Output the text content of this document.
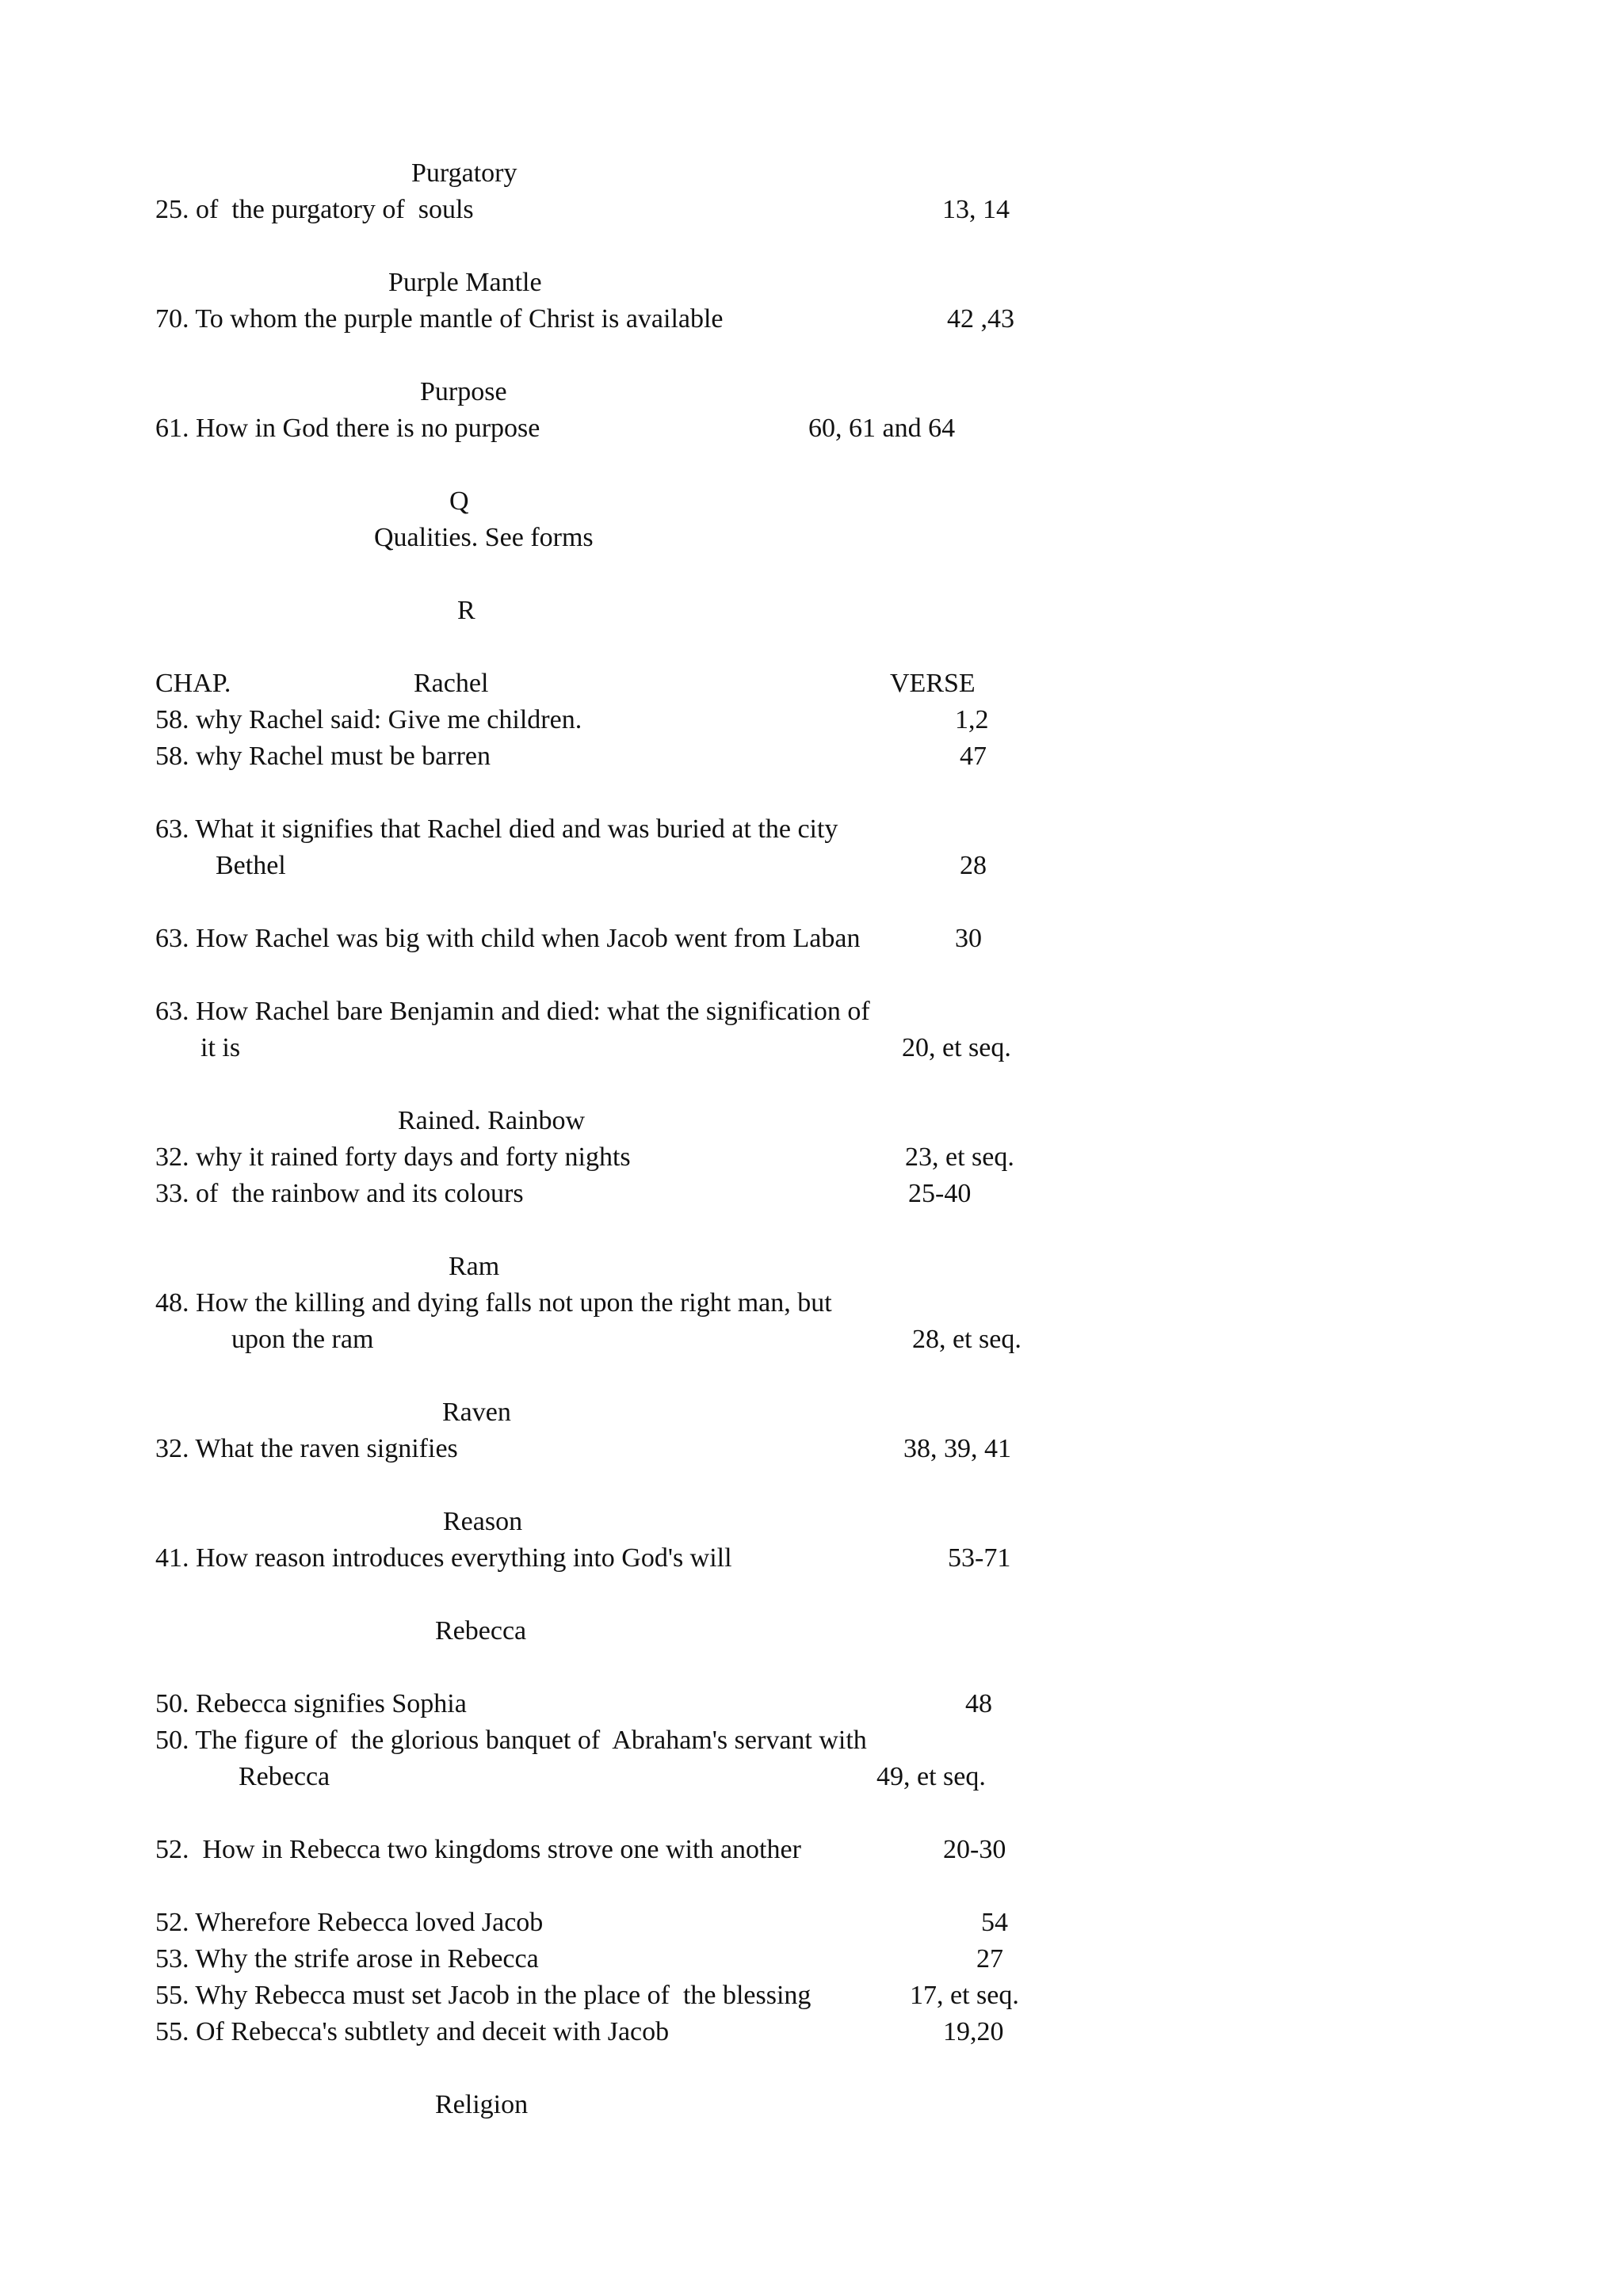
Purgatory
25. of  the purgatory of  souls	13, 14
Purple Mantle
70. To whom the purple mantle of Christ is available	42 ,43
Purpose
61. How in God there is no purpose	60, 61 and 64
Q
Qualities. See forms
R
CHAP.	Rachel	VERSE
58. why Rachel said: Give me children.	1,2
58. why Rachel must be barren	47
63. What it signifies that Rachel died and was buried at the city
Bethel	28
63. How Rachel was big with child when Jacob went from Laban	30
63. How Rachel bare Benjamin and died: what the signification of
it is	20, et seq.
Rained. Rainbow
32. why it rained forty days and forty nights	23, et seq.
33. of  the rainbow and its colours	25-40
Ram
48. How the killing and dying falls not upon the right man, but
upon the ram	28, et seq.
Raven
32. What the raven signifies	38, 39, 41
Reason
41. How reason introduces everything into God's will	53-71
Rebecca
50. Rebecca signifies Sophia	48
50. The figure of  the glorious banquet of  Abraham's servant with
Rebecca	49, et seq.
52.  How in Rebecca two kingdoms strove one with another	20-30
52. Wherefore Rebecca loved Jacob	54
53. Why the strife arose in Rebecca	27
55. Why Rebecca must set Jacob in the place of  the blessing	17, et seq.
55. Of Rebecca's subtlety and deceit with Jacob	19,20
Religion
